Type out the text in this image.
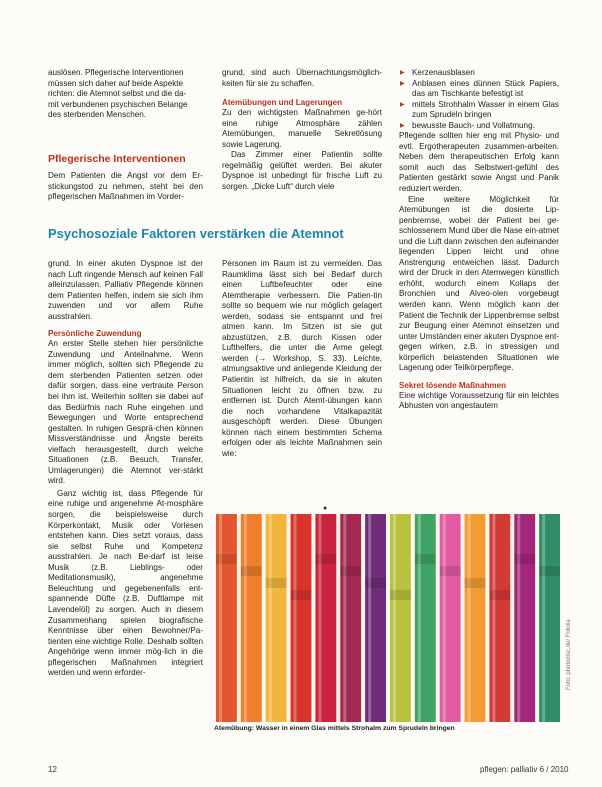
auslösen. Pflegerische Interventionen

müssen sich daher auf beide Aspekte

richten: die Atemnot selbst und die da-

mit verbundenen psychischen Belange

des sterbenden Menschen.

Pflegerische Interventionen

Dem Patienten die Angst vor dem Er-stickungstod zu nehmen, steht bei den pflegerischen Maßnahmen im Vorder-

grund, sind auch Übernachtungsmöglich-keiten für sie zu schaffen.

Atemübungen und Lagerungen

Zu den wichtigsten Maßnahmen ge-hört eine ruhige Atmosphäre zählen Atemübungen, manuelle Sekretlösung sowie Lagerung.

Das Zimmer einer Patientin sollte regelmäßig gelüftet werden. Bei akuter Dyspnoe ist unbedingt für frische Luft zu sorgen. „Dicke Luft“ durch viele

▶ Kerzenausblasen
▶ Anblasen eines dünnen Stück Papiers, das am Tischkante befestigt ist
▶ mittels Strohhalm Wasser in einem Glas zum Sprudeln bringen
▶ bewusste Bauch- und Vollatmung.

Pflegende sollten hier eng mit Physio- und evtl. Ergotherapeuten zusammen-arbeiten. Neben dem therapeutischen Erfolg kann somit auch das Selbstwert-gefühl des Patienten gestärkt sowie Angst und Panik reduziert werden.

Eine weitere Möglichkeit für Atemübungen ist die dosierte Lip-penbremse, wobei der Patient bei ge-schlossenem Mund über die Nase ein-atmet und die Luft dann zwischen den aufeinander liegenden Lippen leicht und ohne Anstrengung entweichen lässt. Dadurch wird der Druck in den Atemwegen künstlich erhöht, wodurch einem Kollaps der Bronchien und Alveo-olen vorgebeugt werden kann. Wenn möglich kann der Patient die Technik der Lippenbremse selbst zur Beugung einer Atemnot einsetzen und unter Umständen einer akuten Dyspnoe ent-gegen wirken, z.B. in stressigen und körperlich belastenden Situationen wie Lagerung oder Teilkörperpflege.

Sekret lösende Maßnahmen

Eine wichtige Voraussetzung für ein leichtes Abhusten von angestautem

Psychosoziale Faktoren verstärken die Atemnot

grund. In einer akuten Dyspnoe ist der nach Luft ringende Mensch auf keinen Fall alleinzulassen. Palliativ Pflegende können dem Patienten helfen, indem sie sich ihm zuwenden und vor allem Ruhe ausstrahlen.

Persönliche Zuwendung

An erster Stelle stehen hier persönliche Zuwendung und Anteilnahme. Wenn immer möglich, sollten sich Pflegende zu dem sterbenden Patienten setzen oder dafür sorgen, dass eine vertraute Person bei ihm ist. Weiterhin sollten sie dabei auf das Bedürfnis nach Ruhe eingehen und Bewegungen und Worte entsprechend gestalten. In ruhigen Gesprä-chen können Missverständnisse und Ängste bereits vielfach herausgestellt, durch welche Situationen (z.B. Besuch, Transfer, Umlagerungen) die Atemnot ver-stärkt wird.

Ganz wichtig ist, dass Pflegende für eine ruhige und angenehme At-mosphäre sorgen, die beispielsweise durch Körperkontakt, Musik oder Vorlesen entstehen kann. Dies setzt voraus, dass sie selbst Ruhe und Kompetenz ausstrahlen. Je nach Be-darf ist leise Musik (z.B. Lieblings- oder Meditationsmusik), angenehme Beleuchtung und gegebenenfalls ent-spannende Düfte (z.B. Duftlampe mit Lavendelöl) zu sorgen. Auch in diesem Zusammenhang spielen biografische Kenntnisse über einen Bewohner/Pa-tienten eine wichtige Rolle. Deshalb sollten Angehörige wenn immer mög-lich in die pflegerischen Maßnahmen integriert werden und wenn erforder-

Personen im Raum ist zu vermeiden. Das Raumklima lässt sich bei Bedarf durch einen Luftbefeuchter oder eine Atemtherapie verbessern. Die Patien-tin sollte so bequem wie nur möglich gelagert werden, sodass sie entspannt und frei atmen kann. Im Sitzen ist sie gut abzustützen, z.B. durch Kissen oder Lufthelfers, die unter die Arme gelegt werden (→ Workshop, S. 33). Leichte, atmungsaktive und anliegende Kleidung der Patientin ist hilfreich, da sie in akuten Situationen leicht zu öffnen bzw. zu entfernen ist. Durch Atemt-übungen kann die noch vorhandene Vitalkapazität ausgeschöpft werden. Diese Übungen können nach einem bestimmten Schema erfolgen oder als leichte Maßnahmen sein wie:

●
Foto: photodisc.de/ Fotolia
Atemübung: Wasser in einem Glas mittels Strohalm zum Sprudeln bringen
12	pflegen: palliativ 6 / 2010
